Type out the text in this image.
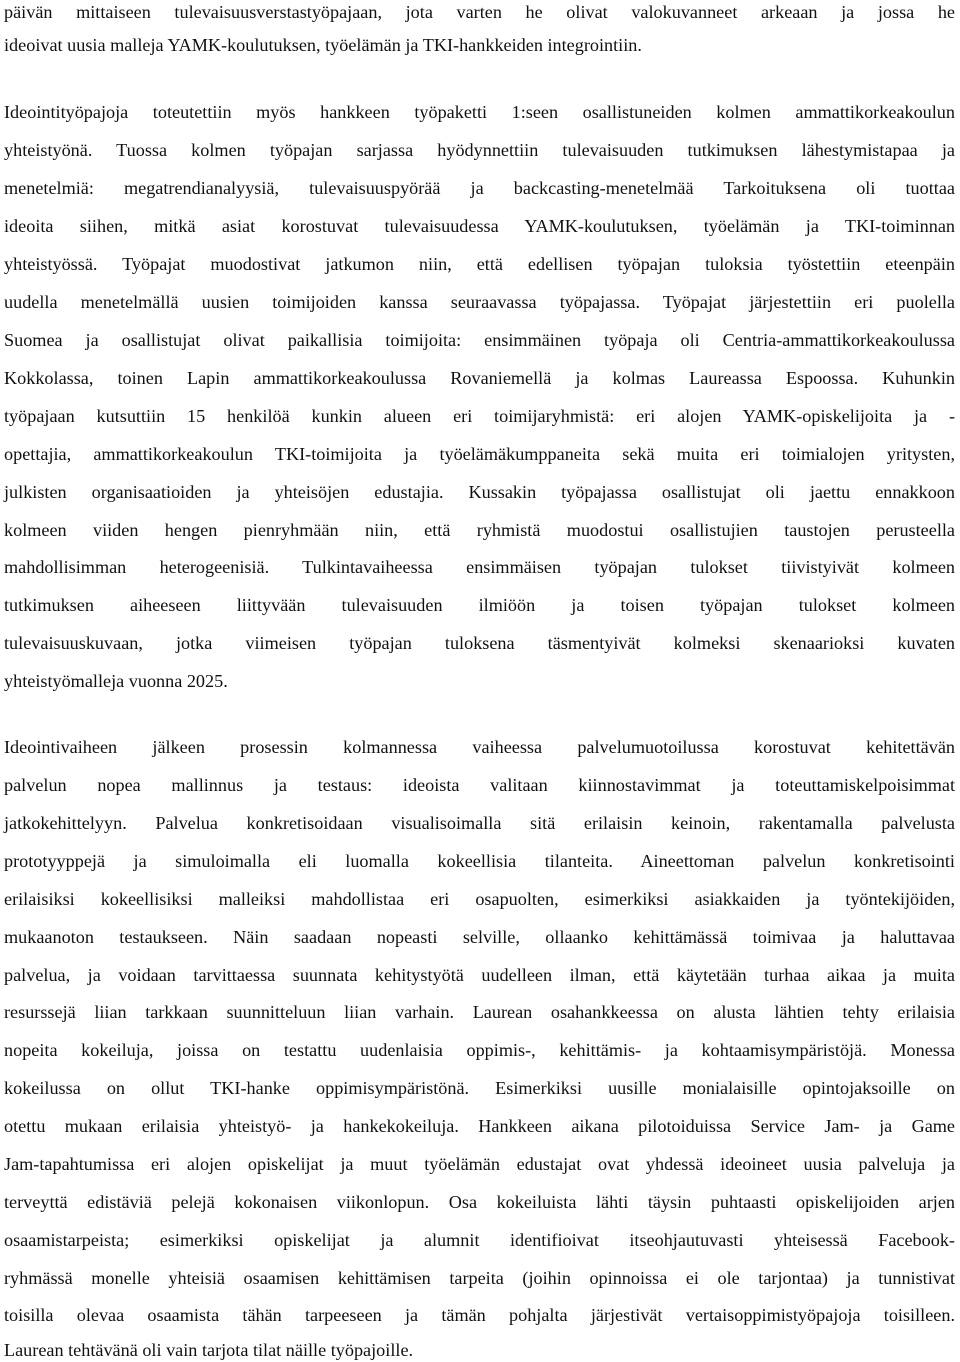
päivän mittaiseen tulevaisuusverstastyöpajaan, jota varten he olivat valokuvanneet arkeaan ja jossa he

ideoivat uusia malleja YAMK-koulutuksen, työelämän ja TKI-hankkeiden integrointiin.

Ideointityöpajoja toteutettiin myös hankkeen työpaketti 1:seen osallistuneiden kolmen ammattikorkeakoulun

yhteistyönä. Tuossa kolmen työpajan sarjassa hyödynnettiin tulevaisuuden tutkimuksen lähestymistapaa ja

menetelmiä: megatrendianalyysiä, tulevaisuuspyörää ja backcasting-menetelmää Tarkoituksena oli tuottaa

ideoita siihen, mitkä asiat korostuvat tulevaisuudessa YAMK-koulutuksen, työelämän ja TKI-toiminnan

yhteistyössä. Työpajat muodostivat jatkumon niin, että edellisen työpajan tuloksia työstettiin eteenpäin

uudella menetelmällä uusien toimijoiden kanssa seuraavassa työpajassa. Työpajat järjestettiin eri puolella

Suomea ja osallistujat olivat paikallisia toimijoita: ensimmäinen työpaja oli Centria-ammattikorkeakoulussa

Kokkolassa, toinen Lapin ammattikorkeakoulussa Rovaniemellä ja kolmas Laureassa Espoossa. Kuhunkin

työpajaan kutsuttiin 15 henkilöä kunkin alueen eri toimijaryhmistä: eri alojen YAMK-opiskelijoita ja -

opettajia, ammattikorkeakoulun TKI-toimijoita ja työelämäkumppaneita sekä muita eri toimialojen yritysten,

julkisten organisaatioiden ja yhteisöjen edustajia. Kussakin työpajassa osallistujat oli jaettu ennakkoon

kolmeen viiden hengen pienryhmään niin, että ryhmistä muodostui osallistujien taustojen perusteella

mahdollisimman heterogeenisiä. Tulkintavaiheessa ensimmäisen työpajan tulokset tiivistyivät kolmeen

tutkimuksen aiheeseen liittyvään tulevaisuuden ilmiöön ja toisen työpajan tulokset kolmeen

tulevaisuuskuvaan, jotka viimeisen työpajan tuloksena täsmentyivät kolmeksi skenaarioksi kuvaten

yhteistyömalleja vuonna 2025.

Ideointivaiheen jälkeen prosessin kolmannessa vaiheessa palvelumuotoilussa korostuvat kehitettävän

palvelun nopea mallinnus ja testaus: ideoista valitaan kiinnostavimmat ja toteuttamiskelpoisimmat

jatkokehittelyyn. Palvelua konkretisoidaan visualisoimalla sitä erilaisin keinoin, rakentamalla palvelusta

prototyyppejä ja simuloimalla eli luomalla kokeellisia tilanteita. Aineettoman palvelun konkretisointi

erilaisiksi kokeellisiksi malleiksi mahdollistaa eri osapuolten, esimerkiksi asiakkaiden ja työntekijöiden,

mukaanoton testaukseen. Näin saadaan nopeasti selville, ollaanko kehittämässä toimivaa ja haluttavaa

palvelua, ja voidaan tarvittaessa suunnata kehitystyötä uudelleen ilman, että käytetään turhaa aikaa ja muita

resurssejä liian tarkkaan suunnitteluun liian varhain. Laurean osahankkeessa on alusta lähtien tehty erilaisia

nopeita kokeiluja, joissa on testattu uudenlaisia oppimis-, kehittämis- ja kohtaamisympäristöjä. Monessa

kokeilussa on ollut TKI-hanke oppimisympäristönä. Esimerkiksi uusille monialaisille opintojaksoille on

otettu mukaan erilaisia yhteistyö- ja hankekokeiluja. Hankkeen aikana pilotoiduissa Service Jam- ja Game

Jam-tapahtumissa eri alojen opiskelijat ja muut työelämän edustajat ovat yhdessä ideoineet uusia palveluja ja

terveyttä edistäviä pelejä kokonaisen viikonlopun. Osa kokeiluista lähti täysin puhtaasti opiskelijoiden arjen

osaamistarpeista; esimerkiksi opiskelijat ja alumnit identifioivat itseohjautuvasti yhteisessä Facebook-

ryhmässä monelle yhteisiä osaamisen kehittämisen tarpeita (joihin opinnoissa ei ole tarjontaa) ja tunnistivat

toisilla olevaa osaamista tähän tarpeeseen ja tämän pohjalta järjestivät vertaisoppimistyöpajoja toisilleen.

Laurean tehtävänä oli vain tarjota tilat näille työpajoille.
